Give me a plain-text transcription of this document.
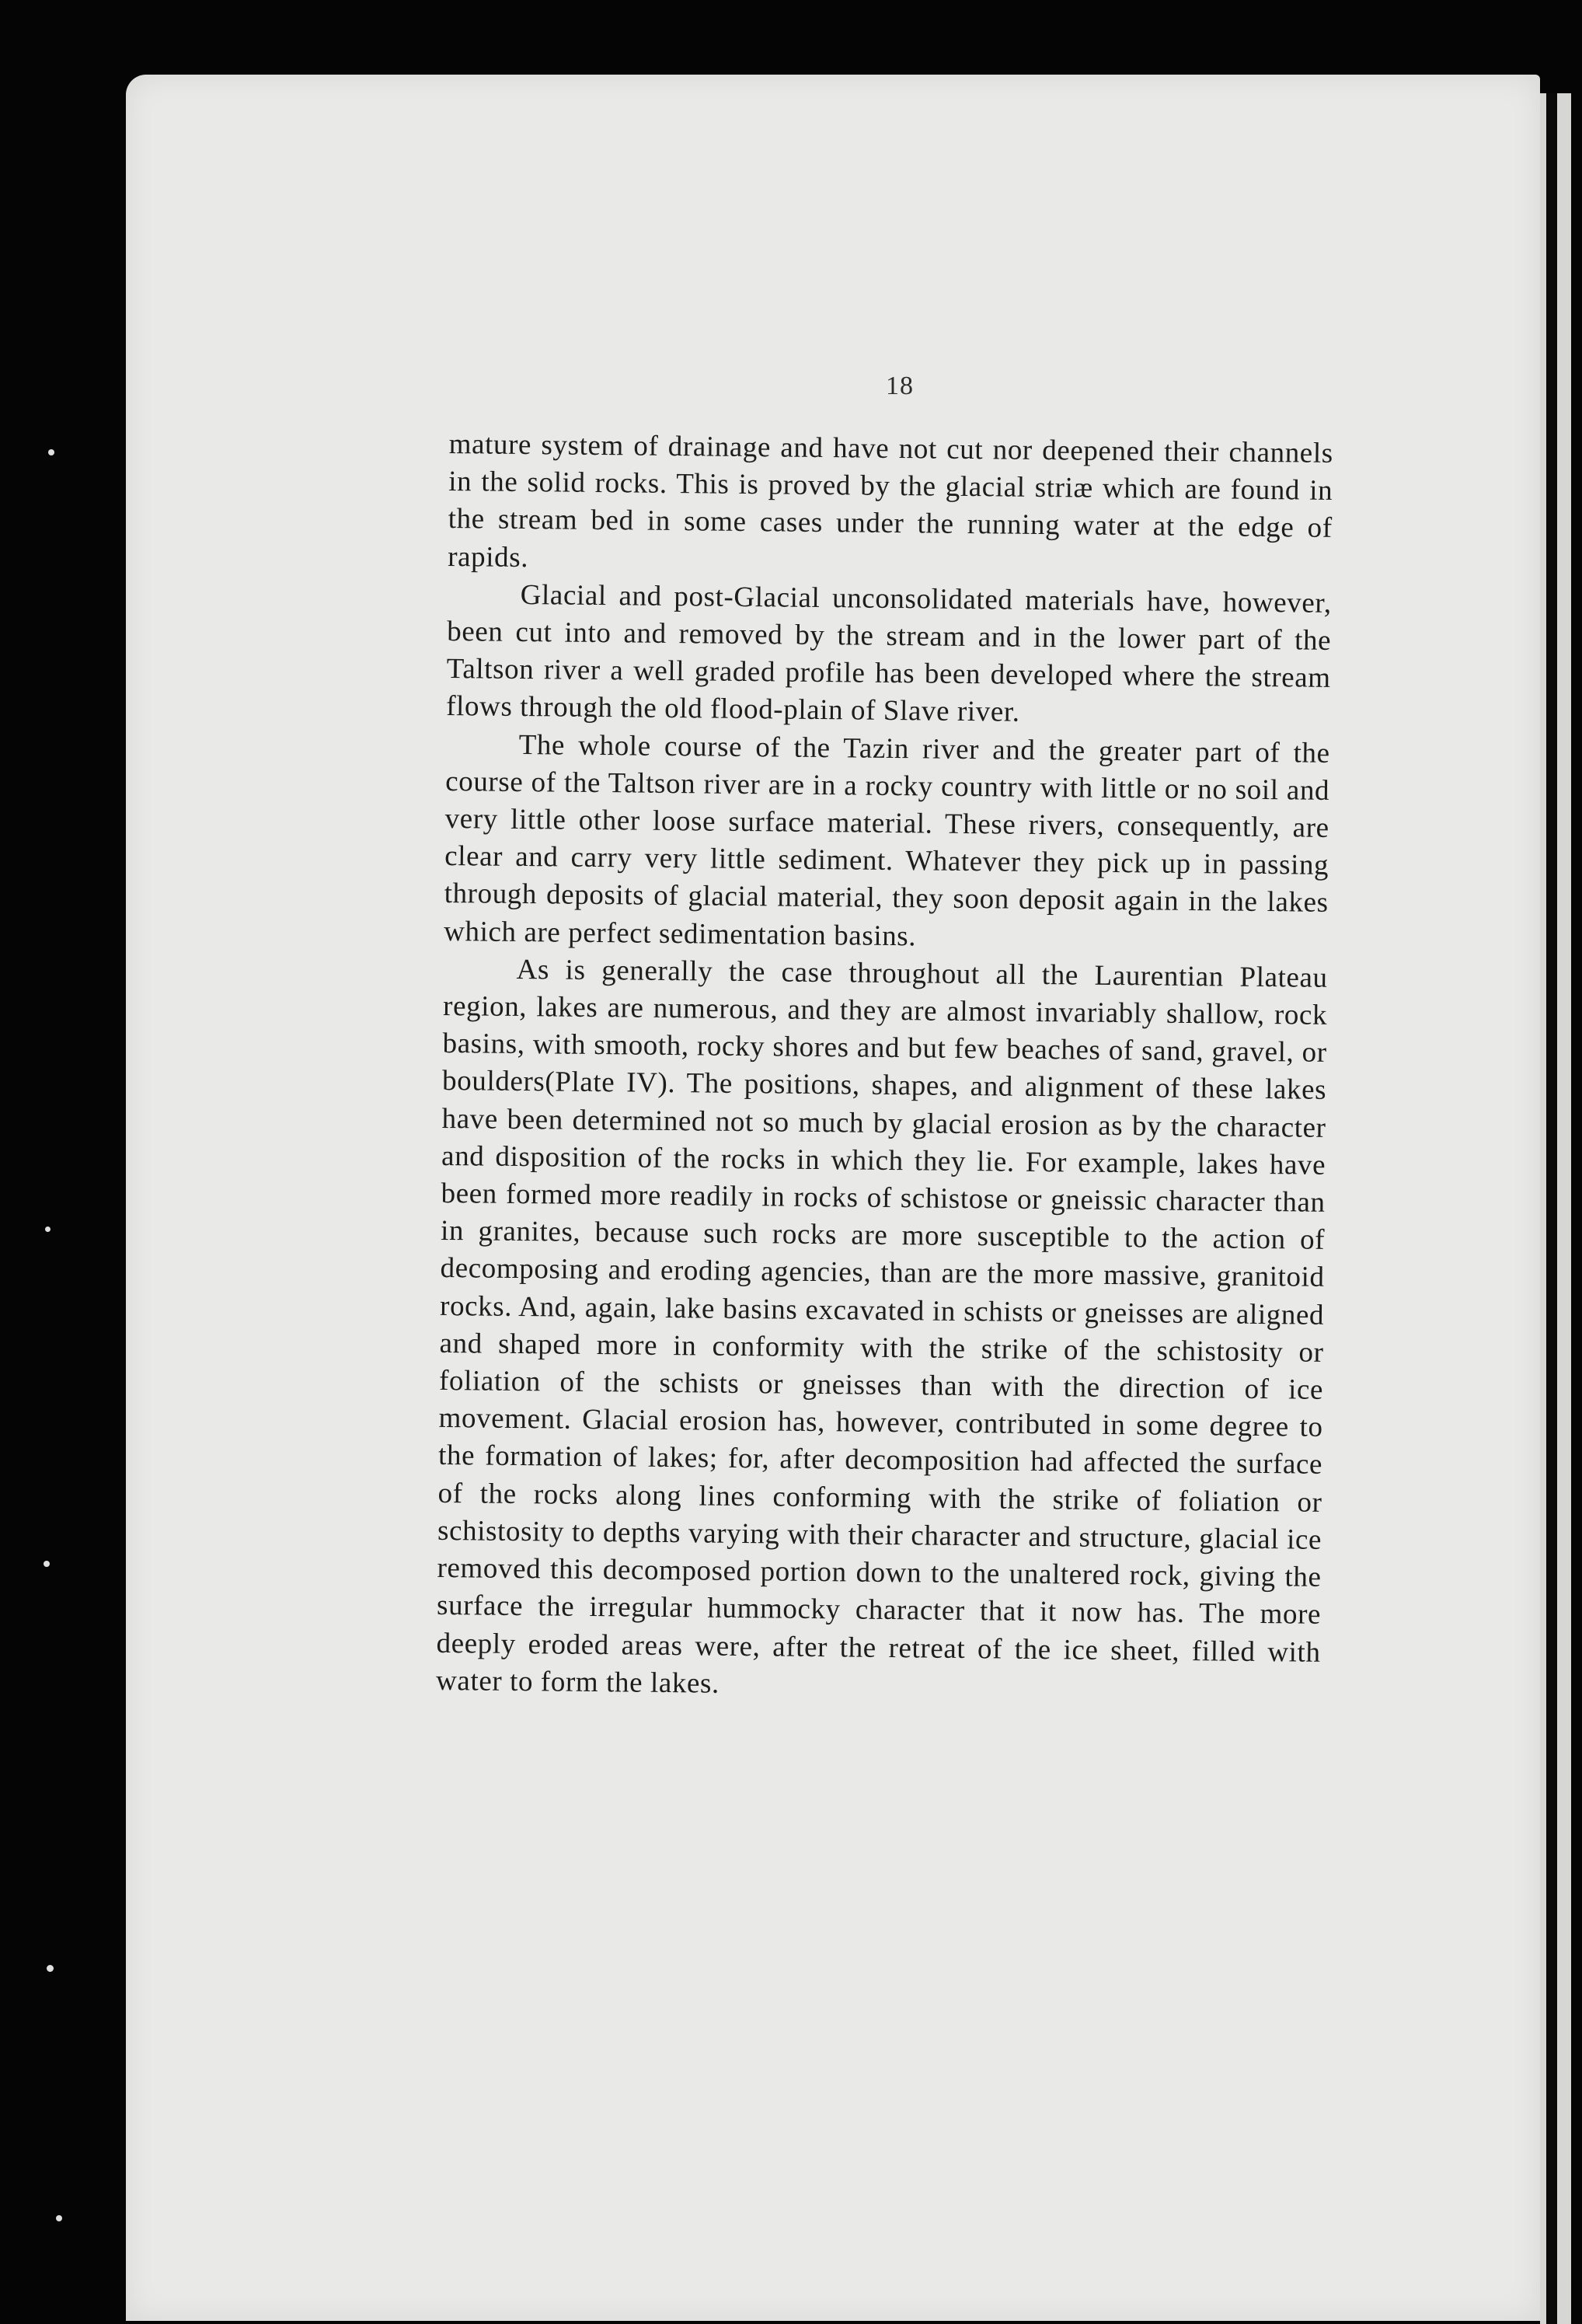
18

mature system of drainage and have not cut nor deepened their channels in the solid rocks. This is proved by the glacial striæ which are found in the stream bed in some cases under the running water at the edge of rapids.

Glacial and post-Glacial unconsolidated materials have, however, been cut into and removed by the stream and in the lower part of the Taltson river a well graded profile has been developed where the stream flows through the old flood-plain of Slave river.

The whole course of the Tazin river and the greater part of the course of the Taltson river are in a rocky country with little or no soil and very little other loose surface material. These rivers, consequently, are clear and carry very little sediment. Whatever they pick up in passing through deposits of glacial material, they soon deposit again in the lakes which are perfect sedimentation basins.

As is generally the case throughout all the Laurentian Plateau region, lakes are numerous, and they are almost invariably shallow, rock basins, with smooth, rocky shores and but few beaches of sand, gravel, or boulders(Plate IV). The positions, shapes, and alignment of these lakes have been determined not so much by glacial erosion as by the character and disposition of the rocks in which they lie. For example, lakes have been formed more readily in rocks of schistose or gneissic character than in granites, because such rocks are more susceptible to the action of decomposing and eroding agencies, than are the more massive, granitoid rocks. And, again, lake basins excavated in schists or gneisses are aligned and shaped more in conformity with the strike of the schistosity or foliation of the schists or gneisses than with the direction of ice movement. Glacial erosion has, however, contributed in some degree to the formation of lakes; for, after decomposition had affected the surface of the rocks along lines conforming with the strike of foliation or schistosity to depths varying with their character and structure, glacial ice removed this decomposed portion down to the unaltered rock, giving the surface the irregular hummocky character that it now has. The more deeply eroded areas were, after the retreat of the ice sheet, filled with water to form the lakes.
